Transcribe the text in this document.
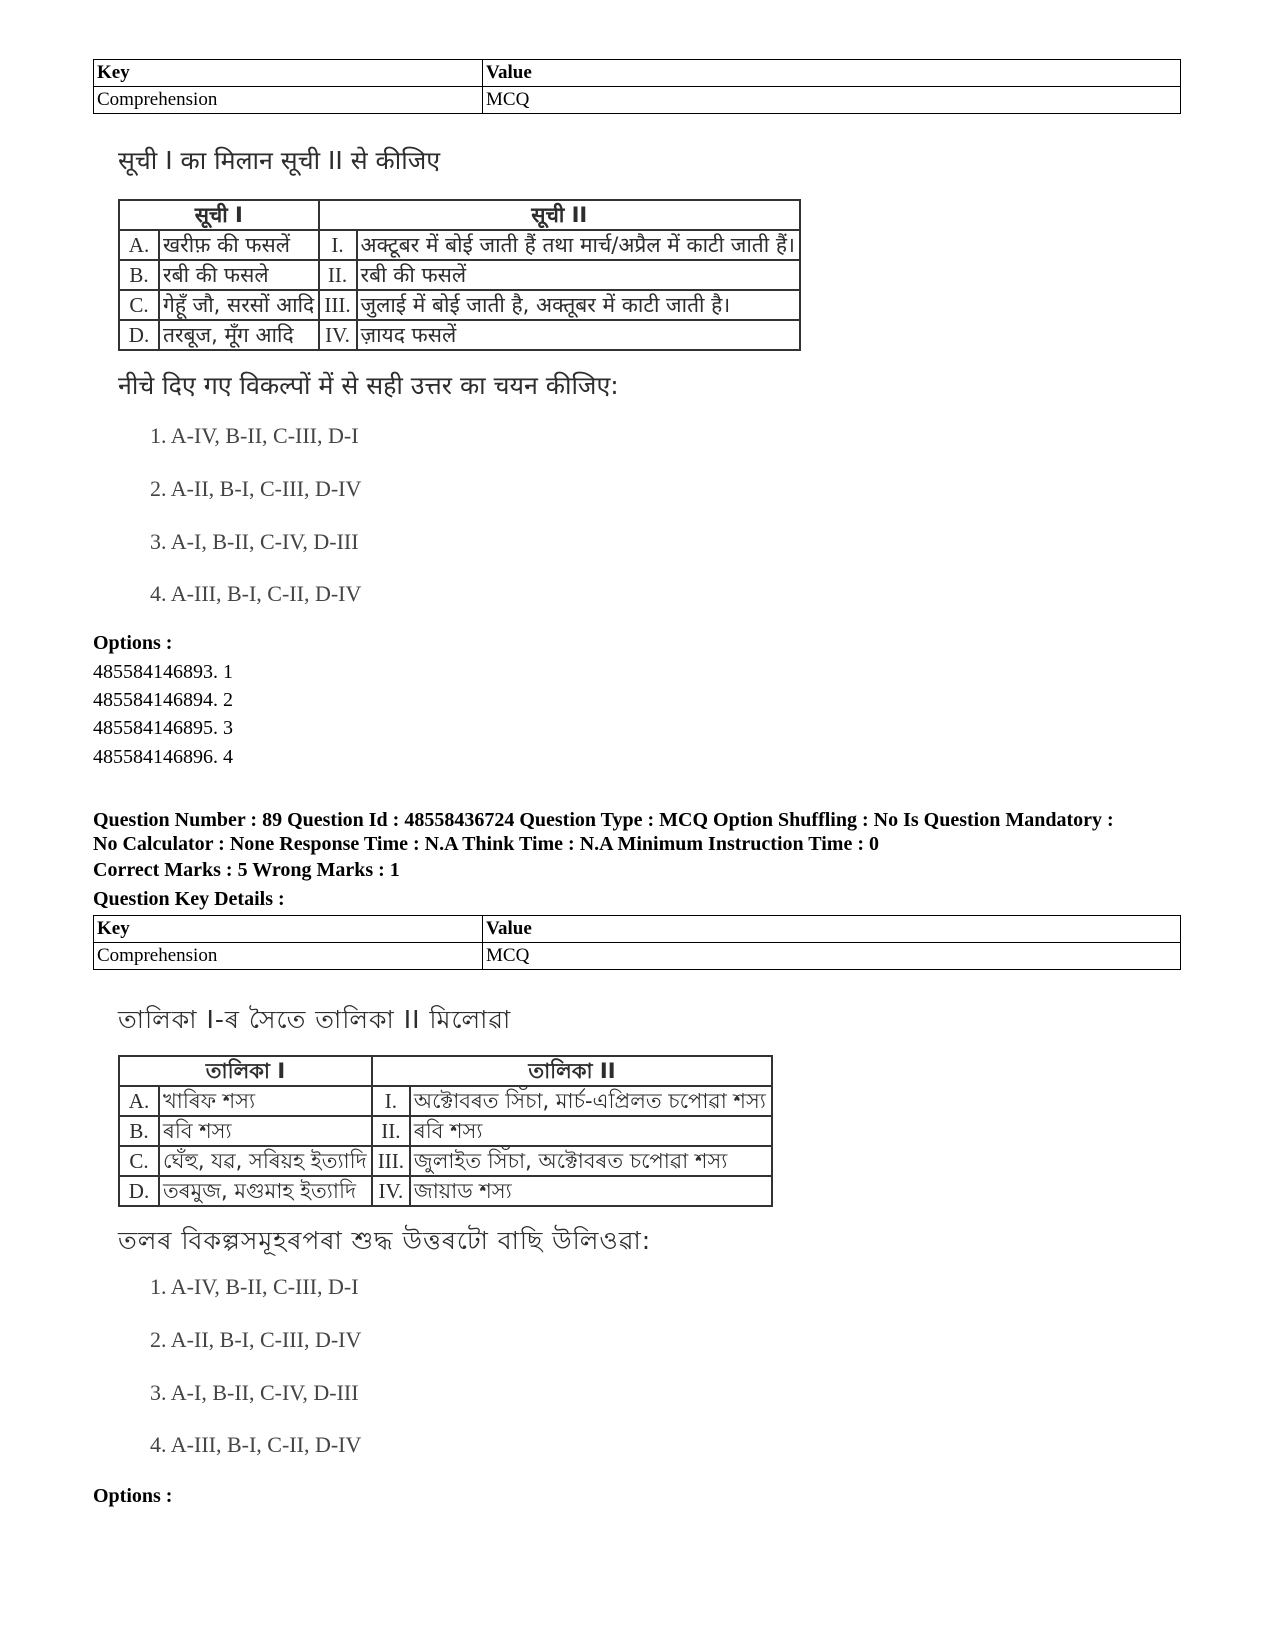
Key	Value
Comprehension	MCQ
सूची I का मिलान सूची II से कीजिए
सूची I		सूची II	
A.	खरीफ़ की फसलें	I.	अक्टूबर में बोई जाती हैं तथा मार्च/अप्रैल में काटी जाती हैं।
B.	रबी की फसले	II.	रबी की फसलें
C.	गेहूँ जौ, सरसों आदि	III.	जुलाई में बोई जाती है, अक्तूबर में काटी जाती है।
D.	तरबूज, मूँग आदि	IV.	ज़ायद फसलें
नीचे दिए गए विकल्पों में से सही उत्तर का चयन कीजिए:
1. A-IV, B-II, C-III, D-I
2. A-II, B-I, C-III, D-IV
3. A-I, B-II, C-IV, D-III
4. A-III, B-I, C-II, D-IV
Options :
485584146893. 1
485584146894. 2
485584146895. 3
485584146896. 4
Question Number : 89 Question Id : 48558436724 Question Type : MCQ Option Shuffling : No Is Question Mandatory :
No Calculator : None Response Time : N.A Think Time : N.A Minimum Instruction Time : 0
Correct Marks : 5 Wrong Marks : 1
Question Key Details :
Key	Value
Comprehension	MCQ
তালিকা I-ৰ সৈতে তালিকা II মিলোৱা
তালিকা I		তালিকা II	
A.	খাৰিফ শস্য	I.	অক্টোবৰত সিঁচা, মাৰ্চ-এপ্ৰিলত চপোৱা শস্য
B.	ৰবি শস্য	II.	ৰবি শস্য
C.	ঘেঁহু, যৱ, সৰিয়হ ইত্যাদি	III.	জুলাইত সিঁচা, অক্টোবৰত চপোৱা শস্য
D.	তৰমুজ, মগুমাহ ইত্যাদি	IV.	জায়াড শস্য
তলৰ বিকল্পসমূহৰপৰা শুদ্ধ উত্তৰটো বাছি উলিওৱা:
1. A-IV, B-II, C-III, D-I
2. A-II, B-I, C-III, D-IV
3. A-I, B-II, C-IV, D-III
4. A-III, B-I, C-II, D-IV
Options :
